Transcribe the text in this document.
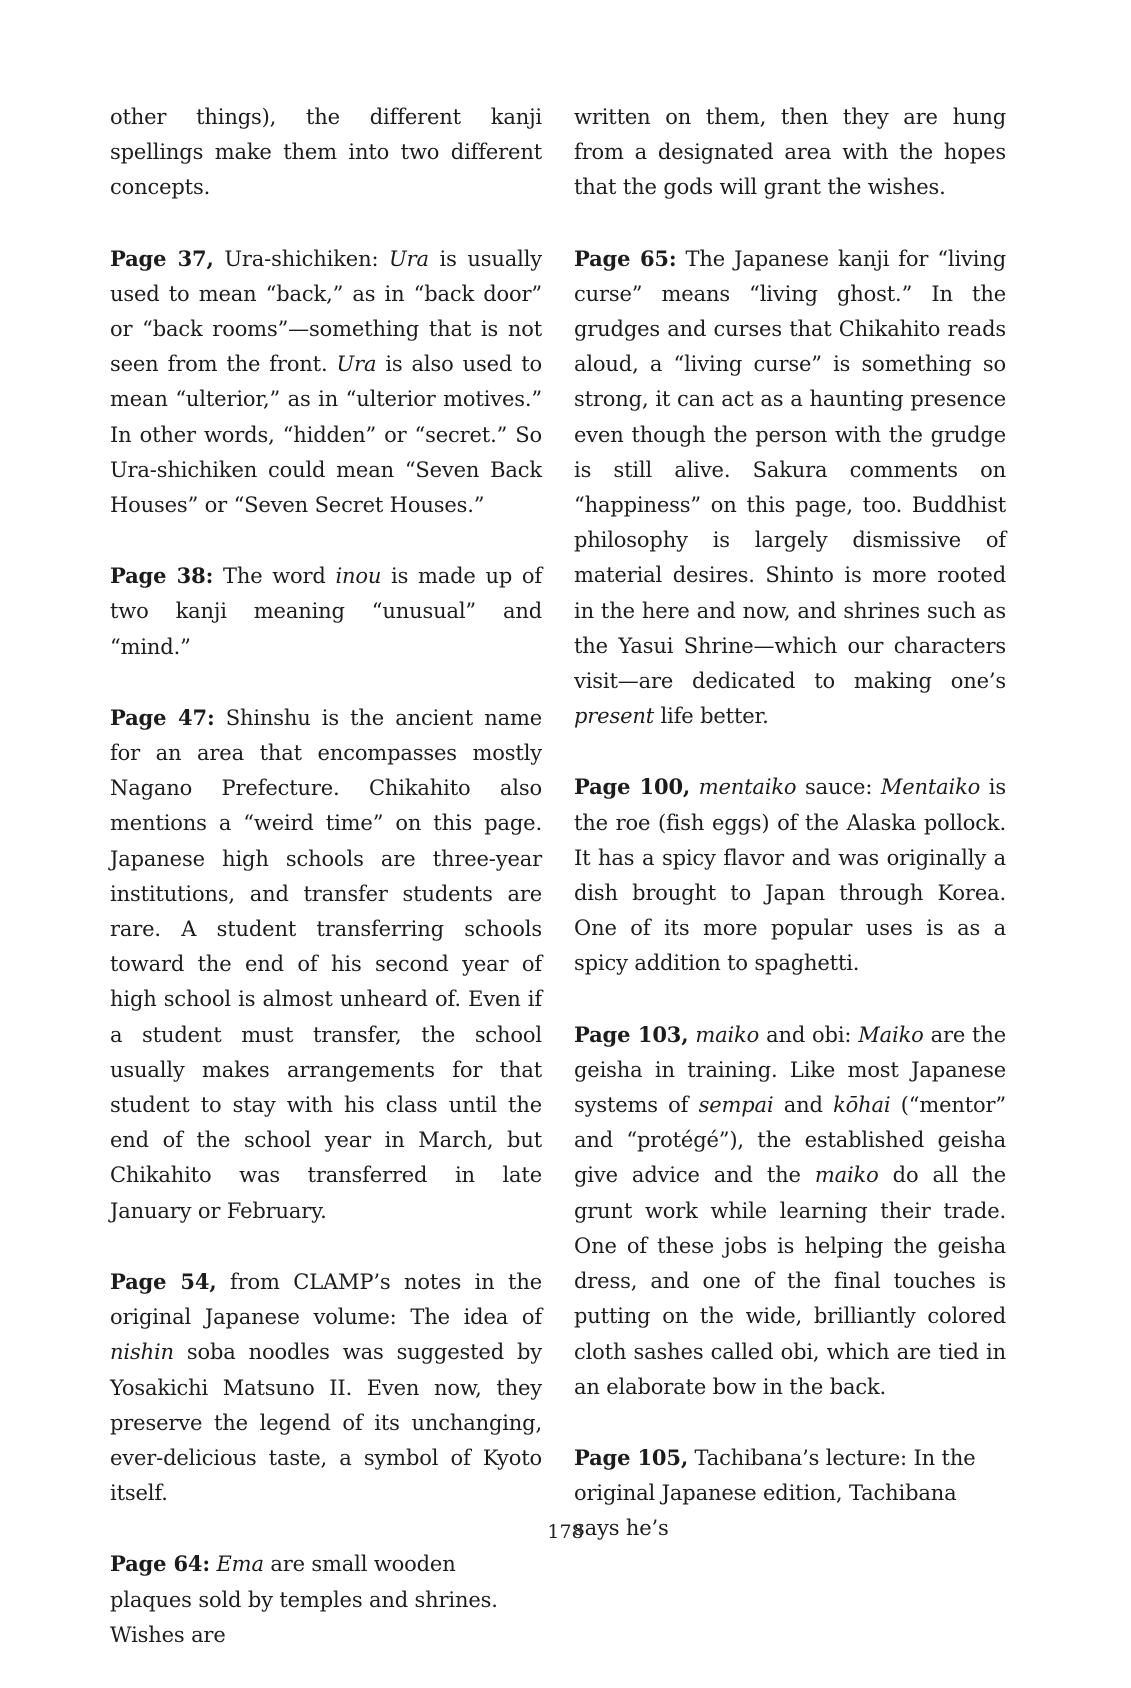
other things), the different kanji spellings make them into two different concepts.

Page 37, Ura-shichiken: Ura is usually used to mean “back,” as in “back door” or “back rooms”—something that is not seen from the front. Ura is also used to mean “ulterior,” as in “ulterior motives.” In other words, “hidden” or “secret.” So Ura-shichiken could mean “Seven Back Houses” or “Seven Secret Houses.”

Page 38: The word inou is made up of two kanji meaning “unusual” and “mind.”

Page 47: Shinshu is the ancient name for an area that encompasses mostly Nagano Prefecture. Chikahito also mentions a “weird time” on this page. Japanese high schools are three-year institutions, and transfer students are rare. A student transferring schools toward the end of his second year of high school is almost unheard of. Even if a student must transfer, the school usually makes arrangements for that student to stay with his class until the end of the school year in March, but Chikahito was transferred in late January or February.

Page 54, from CLAMP’s notes in the original Japanese volume: The idea of nishin soba noodles was suggested by Yosakichi Matsuno II. Even now, they preserve the legend of its unchanging, ever-delicious taste, a symbol of Kyoto itself.

Page 64: Ema are small wooden plaques sold by temples and shrines. Wishes are

written on them, then they are hung from a designated area with the hopes that the gods will grant the wishes.

Page 65: The Japanese kanji for “living curse” means “living ghost.” In the grudges and curses that Chikahito reads aloud, a “living curse” is something so strong, it can act as a haunting presence even though the person with the grudge is still alive. Sakura comments on “happiness” on this page, too. Buddhist philosophy is largely dismissive of material desires. Shinto is more rooted in the here and now, and shrines such as the Yasui Shrine—which our characters visit—are dedicated to making one’s present life better.

Page 100, mentaiko sauce: Mentaiko is the roe (fish eggs) of the Alaska pollock. It has a spicy flavor and was originally a dish brought to Japan through Korea. One of its more popular uses is as a spicy addition to spaghetti.

Page 103, maiko and obi: Maiko are the geisha in training. Like most Japanese systems of sempai and kōhai (“mentor” and “protégé”), the established geisha give advice and the maiko do all the grunt work while learning their trade. One of these jobs is helping the geisha dress, and one of the final touches is putting on the wide, brilliantly colored cloth sashes called obi, which are tied in an elaborate bow in the back.

Page 105, Tachibana’s lecture: In the original Japanese edition, Tachibana says he’s

178
